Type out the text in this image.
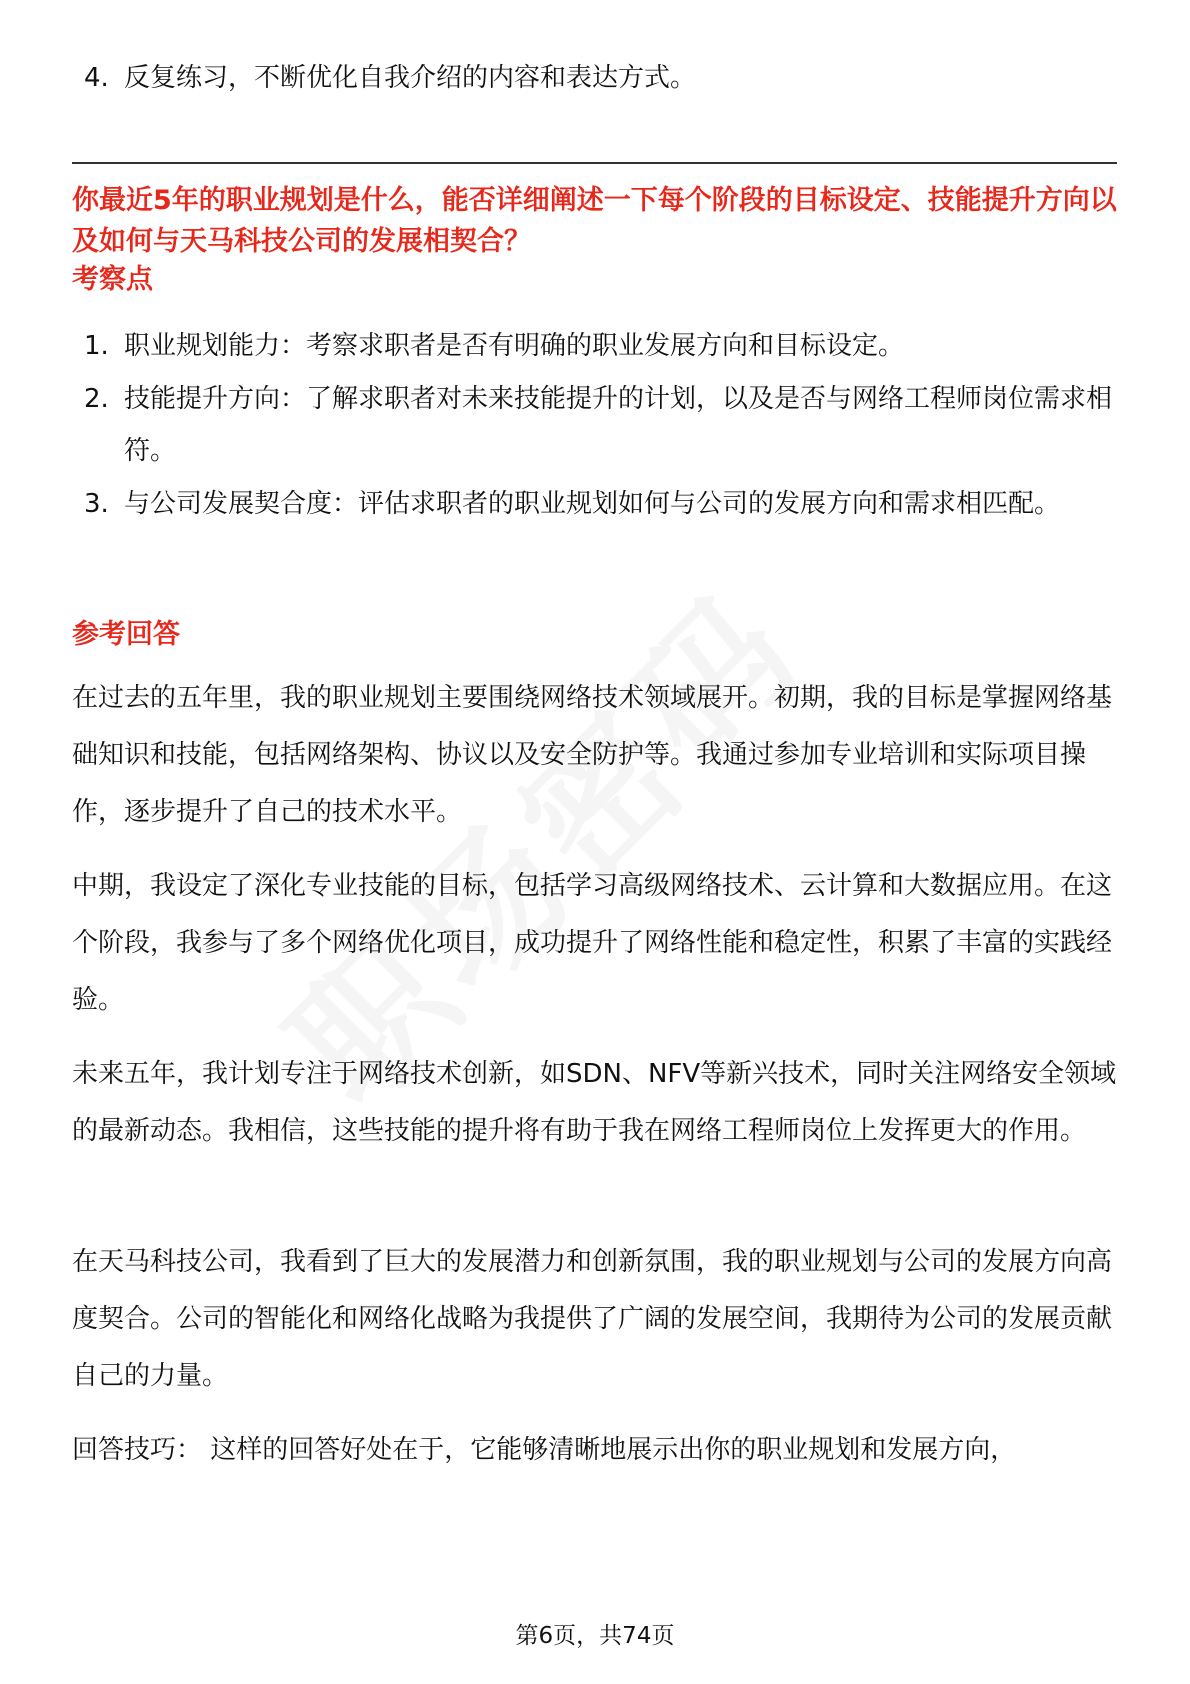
4. 反复练习，不断优化自我介绍的内容和表达方式。
你最近5年的职业规划是什么，能否详细阐述一下每个阶段的目标设定、技能提升方向以及如何与天马科技公司的发展相契合？
考察点
1. 职业规划能力：考察求职者是否有明确的职业发展方向和目标设定。
2. 技能提升方向：了解求职者对未来技能提升的计划，以及是否与网络工程师岗位需求相符。
3. 与公司发展契合度：评估求职者的职业规划如何与公司的发展方向和需求相匹配。
参考回答
在过去的五年里，我的职业规划主要围绕网络技术领域展开。初期，我的目标是掌握网络基础知识和技能，包括网络架构、协议以及安全防护等。我通过参加专业培训和实际项目操作，逐步提升了自己的技术水平。
中期，我设定了深化专业技能的目标，包括学习高级网络技术、云计算和大数据应用。在这个阶段，我参与了多个网络优化项目，成功提升了网络性能和稳定性，积累了丰富的实践经验。
未来五年，我计划专注于网络技术创新，如SDN、NFV等新兴技术，同时关注网络安全领域的最新动态。我相信，这些技能的提升将有助于我在网络工程师岗位上发挥更大的作用。
在天马科技公司，我看到了巨大的发展潜力和创新氛围，我的职业规划与公司的发展方向高度契合。公司的智能化和网络化战略为我提供了广阔的发展空间，我期待为公司的发展贡献自己的力量。
回答技巧： 这样的回答好处在于，它能够清晰地展示出你的职业规划和发展方向，
第6页，共74页
